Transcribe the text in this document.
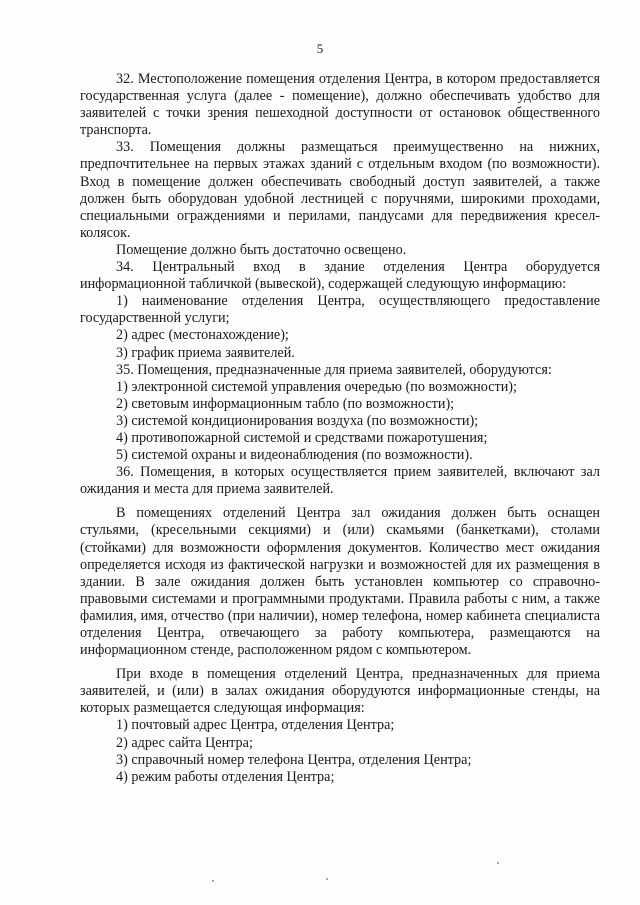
5

32. Местоположение помещения отделения Центра, в котором предоставляется государственная услуга (далее - помещение), должно обеспечивать удобство для заявителей с точки зрения пешеходной доступности от остановок общественного транспорта.

33. Помещения должны размещаться преимущественно на нижних, предпочтительнее на первых этажах зданий с отдельным входом (по возможности). Вход в помещение должен обеспечивать свободный доступ заявителей, а также должен быть оборудован удобной лестницей с поручнями, широкими проходами, специальными ограждениями и перилами, пандусами для передвижения кресел-колясок.

Помещение должно быть достаточно освещено.

34. Центральный вход в здание отделения Центра оборудуется информационной табличкой (вывеской), содержащей следующую информацию:

1) наименование отделения Центра, осуществляющего предоставление государственной услуги;

2) адрес (местонахождение);

3) график приема заявителей.

35. Помещения, предназначенные для приема заявителей, оборудуются:

1) электронной системой управления очередью (по возможности);

2) световым информационным табло (по возможности);

3) системой кондиционирования воздуха (по возможности);

4) противопожарной системой и средствами пожаротушения;

5) системой охраны и видеонаблюдения (по возможности).

36. Помещения, в которых осуществляется прием заявителей, включают зал ожидания и места для приема заявителей.

В помещениях отделений Центра зал ожидания должен быть оснащен стульями, (кресельными секциями) и (или) скамьями (банкетками), столами (стойками) для возможности оформления документов. Количество мест ожидания определяется исходя из фактической нагрузки и возможностей для их размещения в здании. В зале ожидания должен быть установлен компьютер со справочно-правовыми системами и программными продуктами. Правила работы с ним, а также фамилия, имя, отчество (при наличии), номер телефона, номер кабинета специалиста отделения Центра, отвечающего за работу компьютера, размещаются на информационном стенде, расположенном рядом с компьютером.

При входе в помещения отделений Центра, предназначенных для приема заявителей, и (или) в залах ожидания оборудуются информационные стенды, на которых размещается следующая информация:

1) почтовый адрес Центра, отделения Центра;

2) адрес сайта Центра;

3) справочный номер телефона Центра, отделения Центра;

4) режим работы отделения Центра;
